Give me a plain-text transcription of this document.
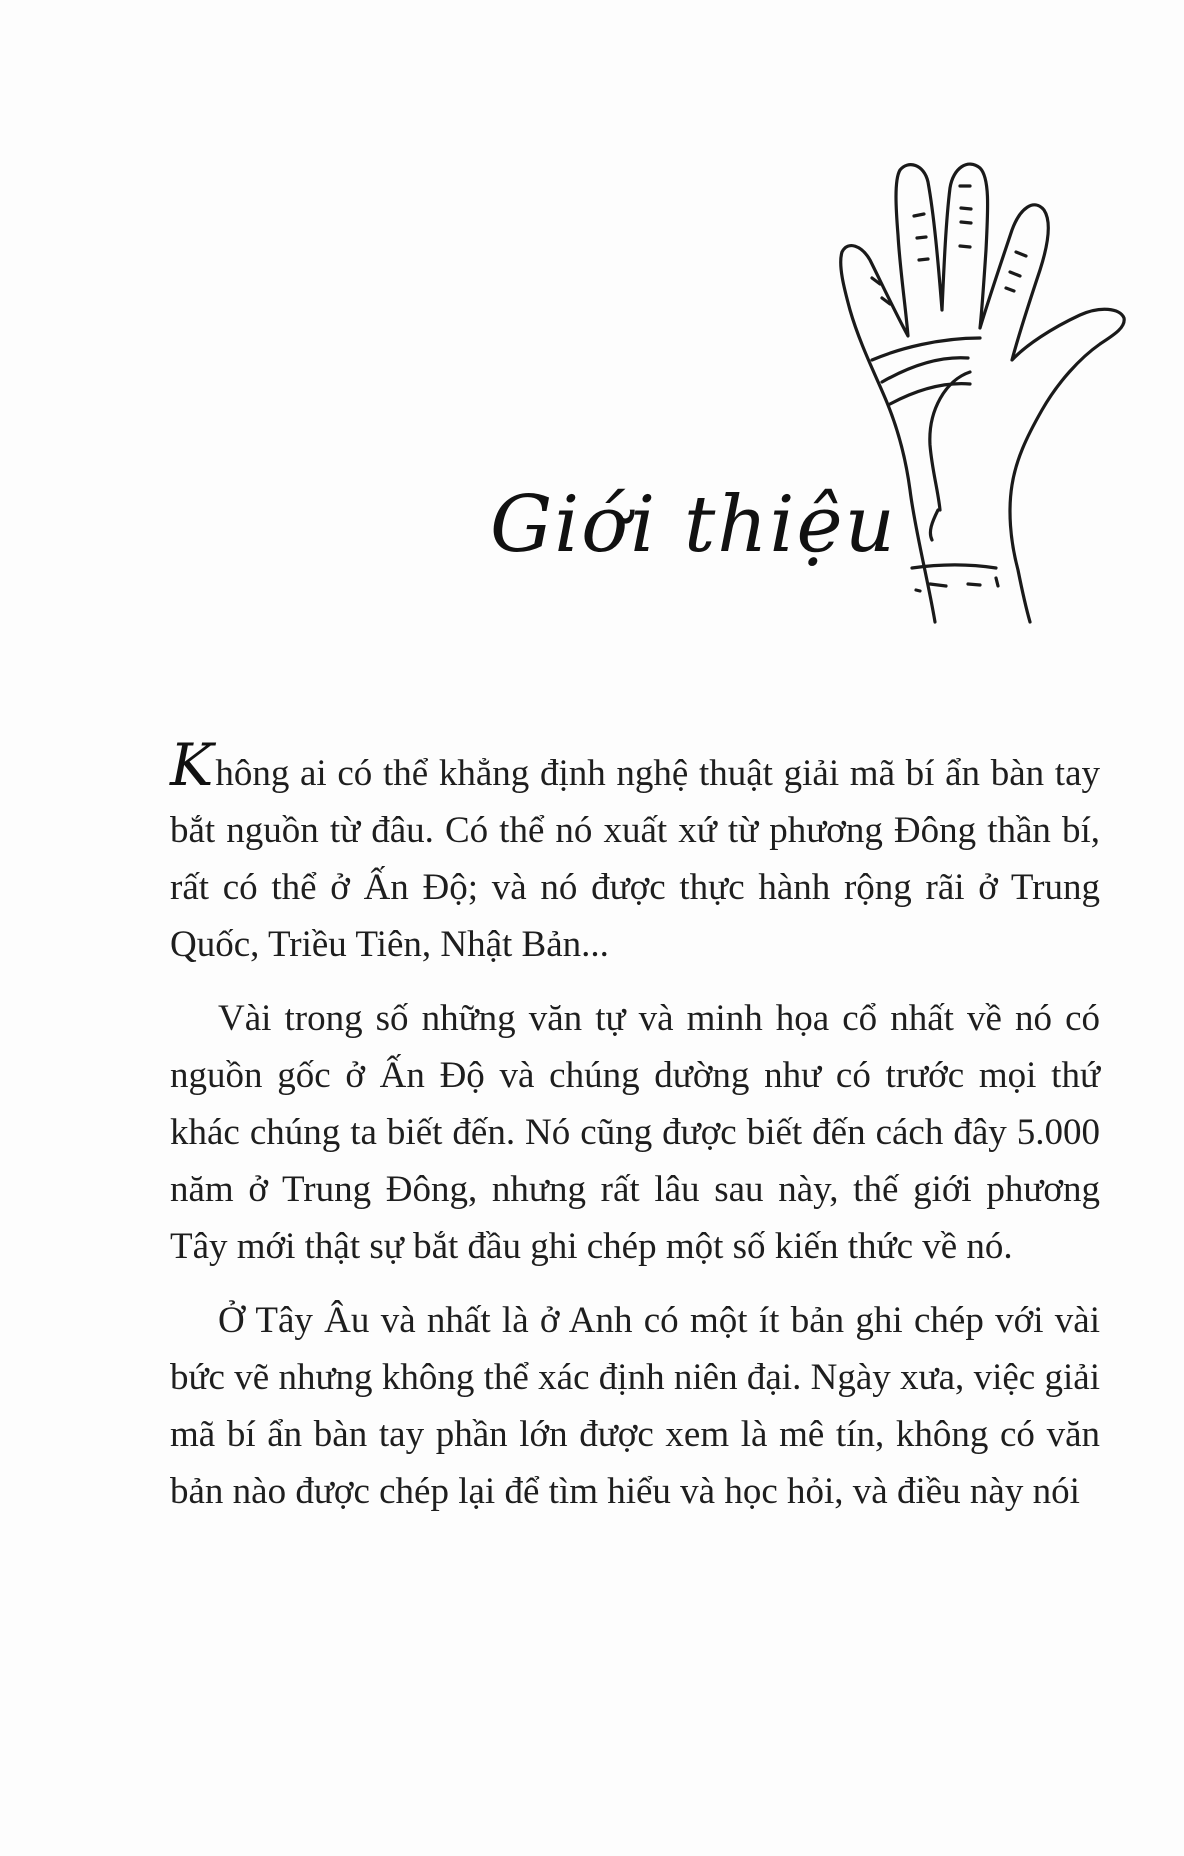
Giới thiệu

Không ai có thể khẳng định nghệ thuật giải mã bí ẩn bàn tay bắt nguồn từ đâu. Có thể nó xuất xứ từ phương Đông thần bí, rất có thể ở Ấn Độ; và nó được thực hành rộng rãi ở Trung Quốc, Triều Tiên, Nhật Bản...

Vài trong số những văn tự và minh họa cổ nhất về nó có nguồn gốc ở Ấn Độ và chúng dường như có trước mọi thứ khác chúng ta biết đến. Nó cũng được biết đến cách đây 5.000 năm ở Trung Đông, nhưng rất lâu sau này, thế giới phương Tây mới thật sự bắt đầu ghi chép một số kiến thức về nó.

Ở Tây Âu và nhất là ở Anh có một ít bản ghi chép với vài bức vẽ nhưng không thể xác định niên đại. Ngày xưa, việc giải mã bí ẩn bàn tay phần lớn được xem là mê tín, không có văn bản nào được chép lại để tìm hiểu và học hỏi, và điều này nói
